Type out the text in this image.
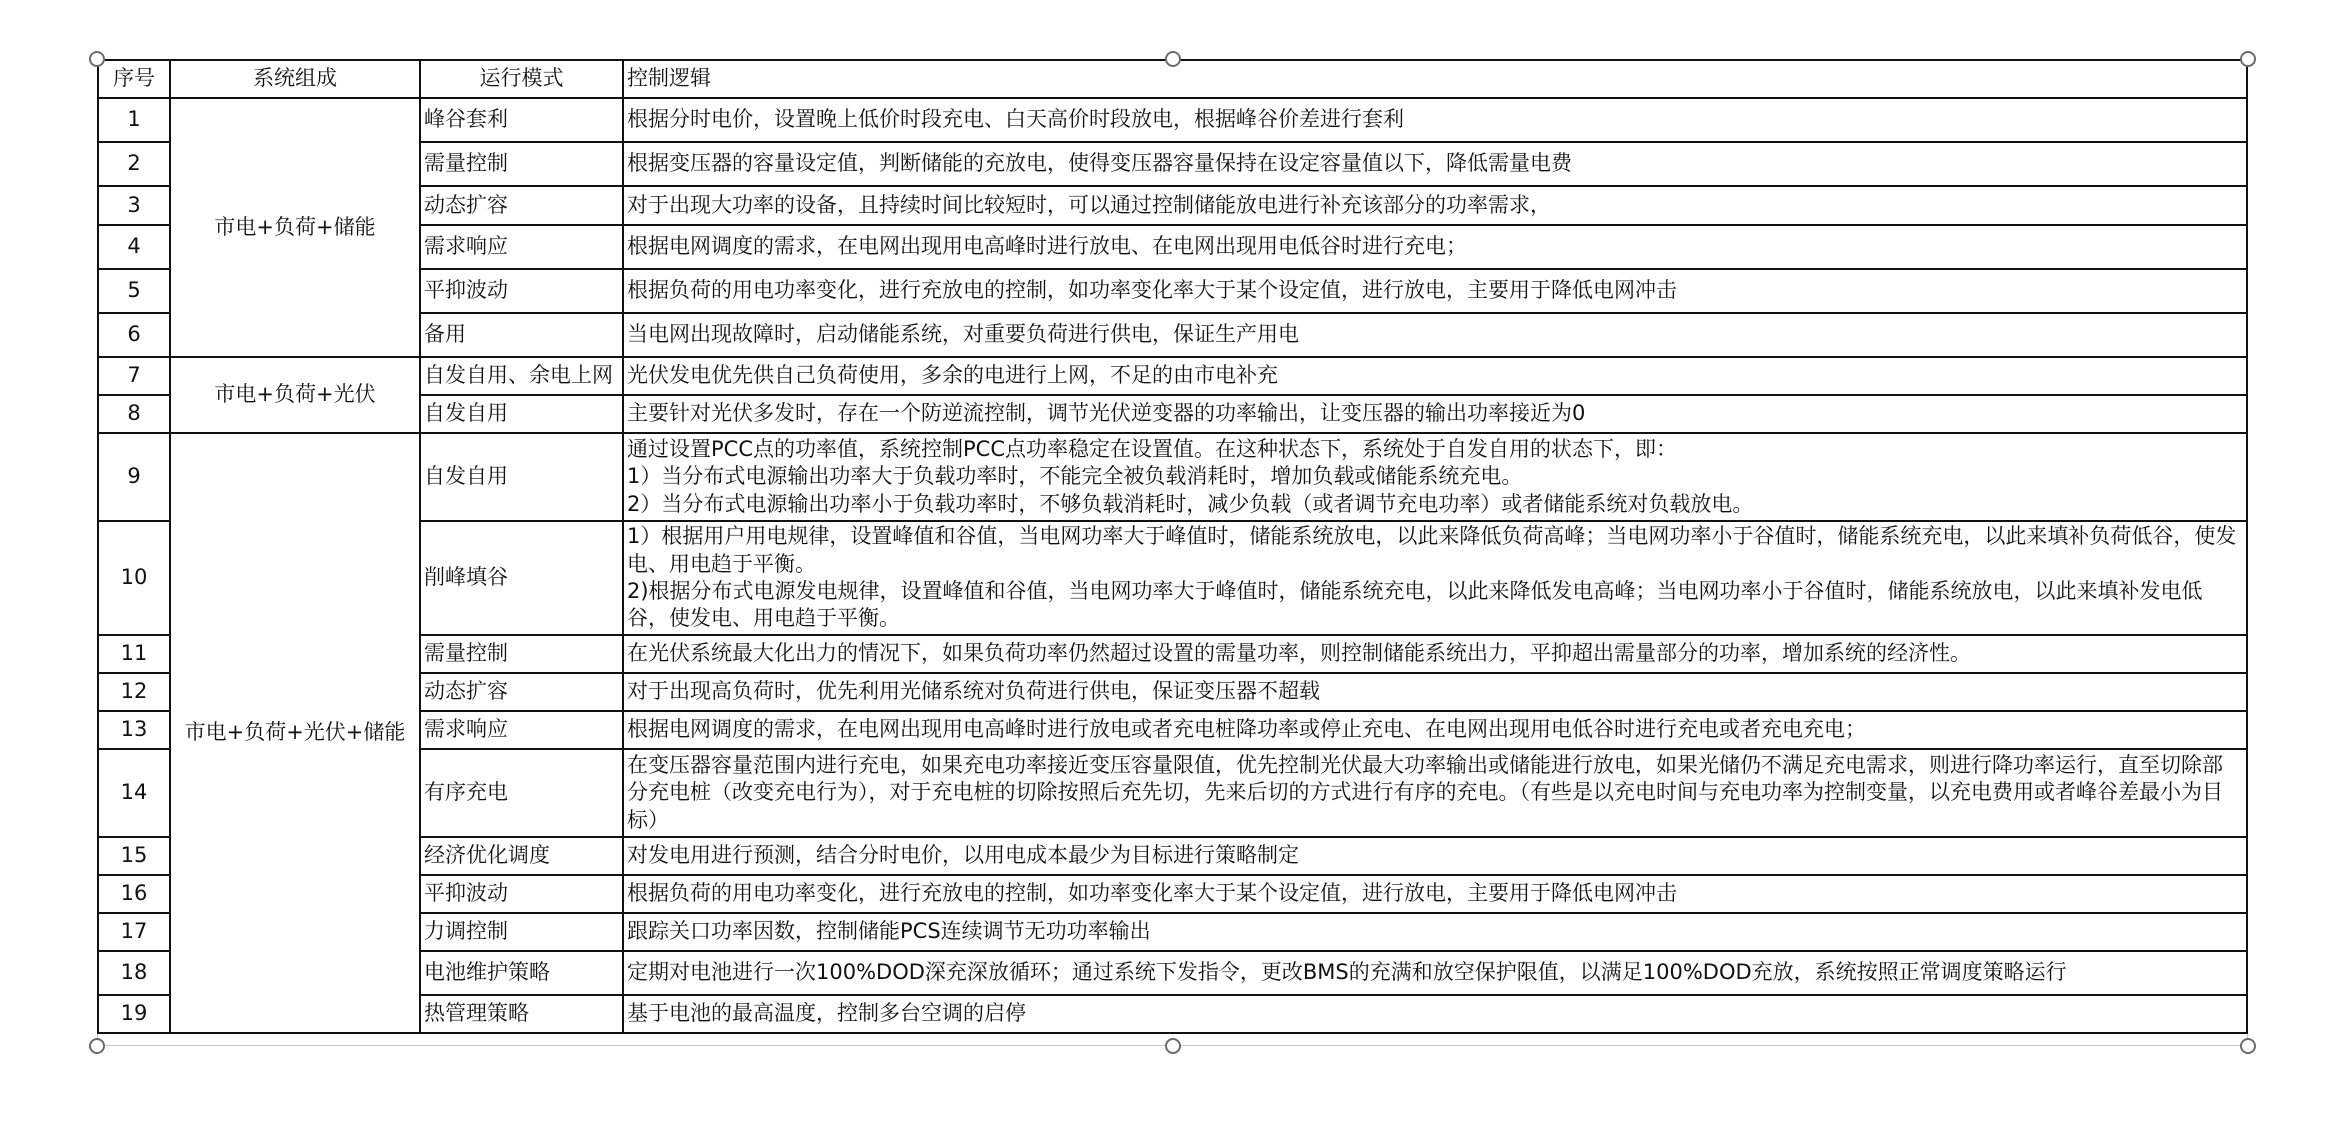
序号	系统组成	运行模式	控制逻辑
1	市电+负荷+储能	峰谷套利	根据分时电价，设置晚上低价时段充电、白天高价时段放电，根据峰谷价差进行套利
2		需量控制	根据变压器的容量设定值，判断储能的充放电，使得变压器容量保持在设定容量值以下，降低需量电费
3		动态扩容	对于出现大功率的设备，且持续时间比较短时，可以通过控制储能放电进行补充该部分的功率需求，
4		需求响应	根据电网调度的需求，在电网出现用电高峰时进行放电、在电网出现用电低谷时进行充电；
5		平抑波动	根据负荷的用电功率变化，进行充放电的控制，如功率变化率大于某个设定值，进行放电，主要用于降低电网冲击
6		备用	当电网出现故障时，启动储能系统，对重要负荷进行供电，保证生产用电
7	市电+负荷+光伏	自发自用、余电上网	光伏发电优先供自己负荷使用，多余的电进行上网，不足的由市电补充
8		自发自用	主要针对光伏多发时，存在一个防逆流控制，调节光伏逆变器的功率输出，让变压器的输出功率接近为0
9	市电+负荷+光伏+储能	自发自用	通过设置PCC点的功率值，系统控制PCC点功率稳定在设置值。在这种状态下，系统处于自发自用的状态下，即：
1）当分布式电源输出功率大于负载功率时，不能完全被负载消耗时，增加负载或储能系统充电。
2）当分布式电源输出功率小于负载功率时，不够负载消耗时，减少负载（或者调节充电功率）或者储能系统对负载放电。

10		削峰填谷	1）根据用户用电规律，设置峰值和谷值，当电网功率大于峰值时，储能系统放电，以此来降低负荷高峰；当电网功率小于谷值时，储能系统充电，以此来填补负荷低谷，使发电、用电趋于平衡。
2)根据分布式电源发电规律，设置峰值和谷值，当电网功率大于峰值时，储能系统充电，以此来降低发电高峰；当电网功率小于谷值时，储能系统放电，以此来填补发电低谷，使发电、用电趋于平衡。

11		需量控制	在光伏系统最大化出力的情况下，如果负荷功率仍然超过设置的需量功率，则控制储能系统出力，平抑超出需量部分的功率，增加系统的经济性。
12		动态扩容	对于出现高负荷时，优先利用光储系统对负荷进行供电，保证变压器不超载
13		需求响应	根据电网调度的需求，在电网出现用电高峰时进行放电或者充电桩降功率或停止充电、在电网出现用电低谷时进行充电或者充电充电；
14		有序充电	在变压器容量范围内进行充电，如果充电功率接近变压容量限值，优先控制光伏最大功率输出或储能进行放电，如果光储仍不满足充电需求，则进行降功率运行，直至切除部分充电桩（改变充电行为），对于充电桩的切除按照后充先切，先来后切的方式进行有序的充电。（有些是以充电时间与充电功率为控制变量，以充电费用或者峰谷差最小为目标）
15		经济优化调度	对发电用进行预测，结合分时电价，以用电成本最少为目标进行策略制定
16		平抑波动	根据负荷的用电功率变化，进行充放电的控制，如功率变化率大于某个设定值，进行放电，主要用于降低电网冲击
17		力调控制	跟踪关口功率因数，控制储能PCS连续调节无功功率输出
18		电池维护策略	定期对电池进行一次100%DOD深充深放循环；通过系统下发指令，更改BMS的充满和放空保护限值，以满足100%DOD充放，系统按照正常调度策略运行
19		热管理策略	基于电池的最高温度，控制多台空调的启停
